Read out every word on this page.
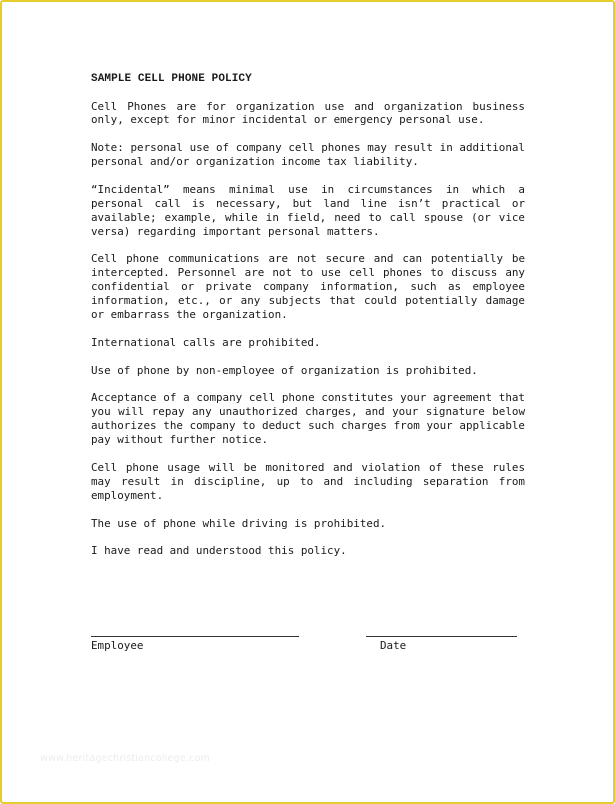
SAMPLE CELL PHONE POLICY

Cell Phones are for organization use and organization business only, except for minor incidental or emergency personal use.

Note: personal use of company cell phones may result in additional personal and/or organization income tax liability.

“Incidental” means minimal use in circumstances in which a personal call is necessary, but land line isn’t practical or available; example, while in field, need to call spouse (or vice versa) regarding important personal matters.

Cell phone communications are not secure and can potentially be intercepted. Personnel are not to use cell phones to discuss any confidential or private company information, such as employee information, etc., or any subjects that could potentially damage or embarrass the organization.

International calls are prohibited.

Use of phone by non-employee of organization is prohibited.

Acceptance of a company cell phone constitutes your agreement that you will repay any unauthorized charges, and your signature below authorizes the company to deduct such charges from your applicable pay without further notice.

Cell phone usage will be monitored and violation of these rules may result in discipline, up to and including separation from employment.

The use of phone while driving is prohibited.

I have read and understood this policy.

Employee	Date
www.heritagechristiancollege.com
